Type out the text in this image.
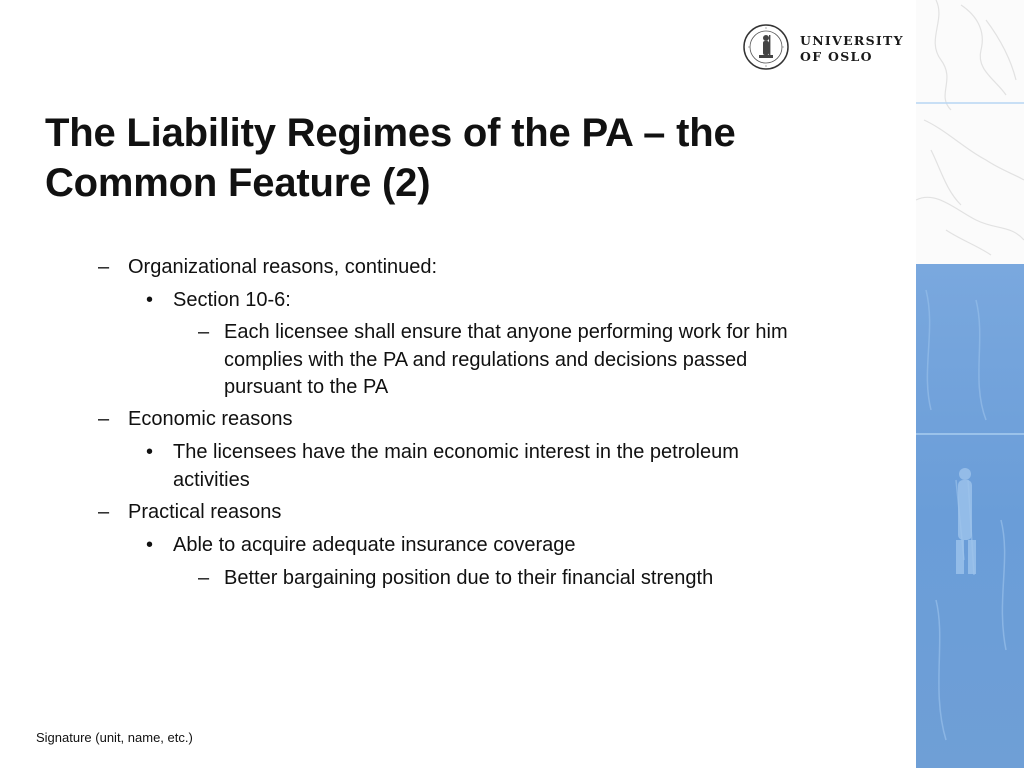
UNIVERSITY
OF OSLO
The Liability Regimes of the PA – the
Common Feature (2)
– Organizational reasons, continued:
• Section 10-6:
– Each licensee shall ensure that anyone performing work for him
complies with the PA and regulations and decisions passed
pursuant to the PA
– Economic reasons
• The licensees have the main economic interest in the petroleum
activities
– Practical reasons
• Able to acquire adequate insurance coverage
– Better bargaining position due to their financial strength
Signature (unit, name, etc.)
